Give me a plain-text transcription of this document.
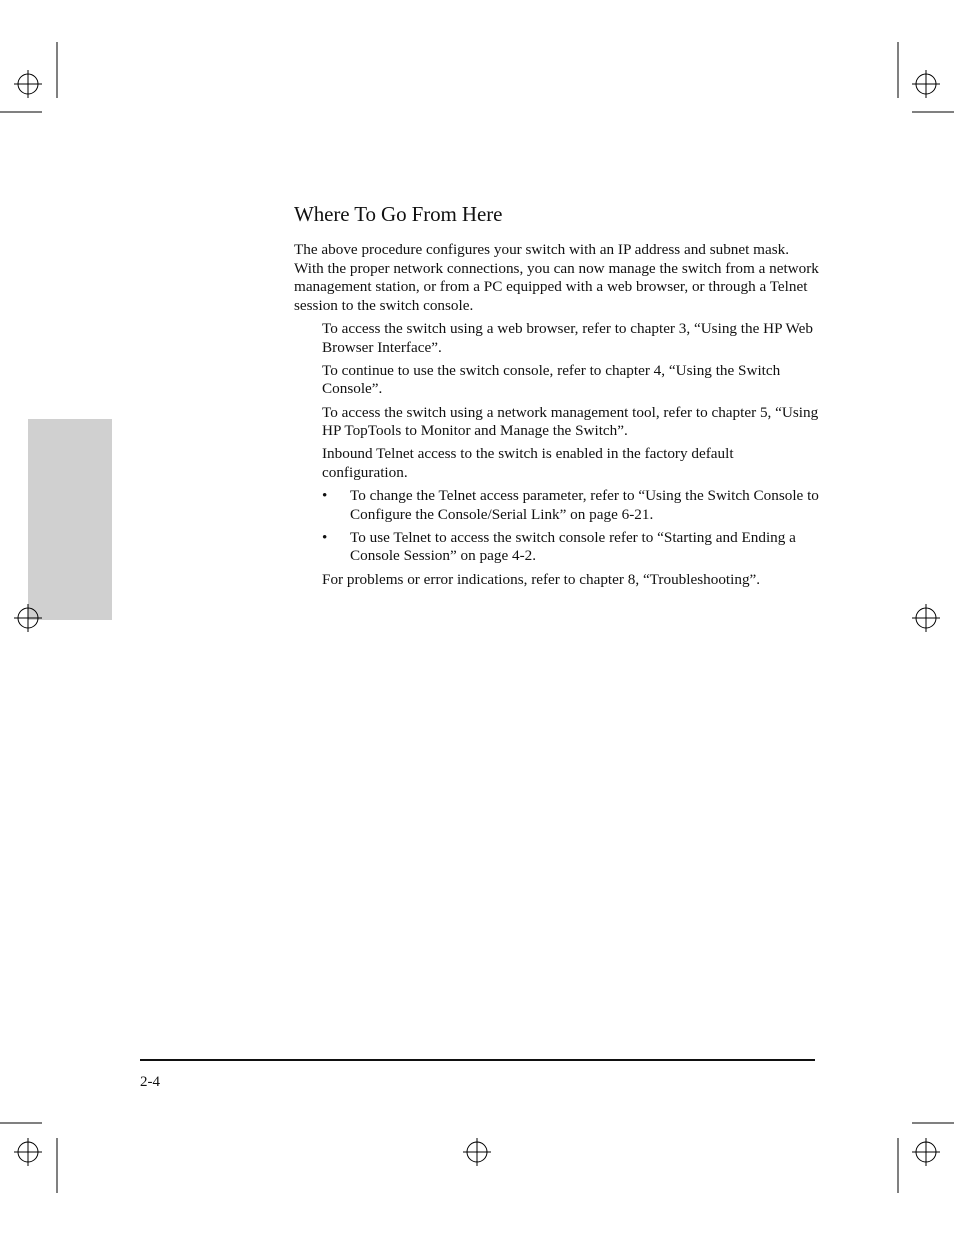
Where To Go From Here

The above procedure configures your switch with an IP address and subnet mask. With the proper network connections, you can now manage the switch from a network management station, or from a PC equipped with a web browser, or through a Telnet session to the switch console.

To access the switch using a web browser, refer to chapter 3, “Using the HP Web Browser Interface”.

To continue to use the switch console, refer to chapter 4, “Using the Switch Console”.

To access the switch using a network management tool, refer to chapter 5, “Using HP TopTools to Monitor and Manage the Switch”.

Inbound Telnet access to the switch is enabled in the factory default configuration.

• To change the Telnet access parameter, refer to “Using the Switch Console to Configure the Console/Serial Link” on page 6-21.
• To use Telnet to access the switch console refer to “Starting and Ending a Console Session” on page 4-2.

For problems or error indications, refer to chapter 8, “Troubleshooting”.

2-4
